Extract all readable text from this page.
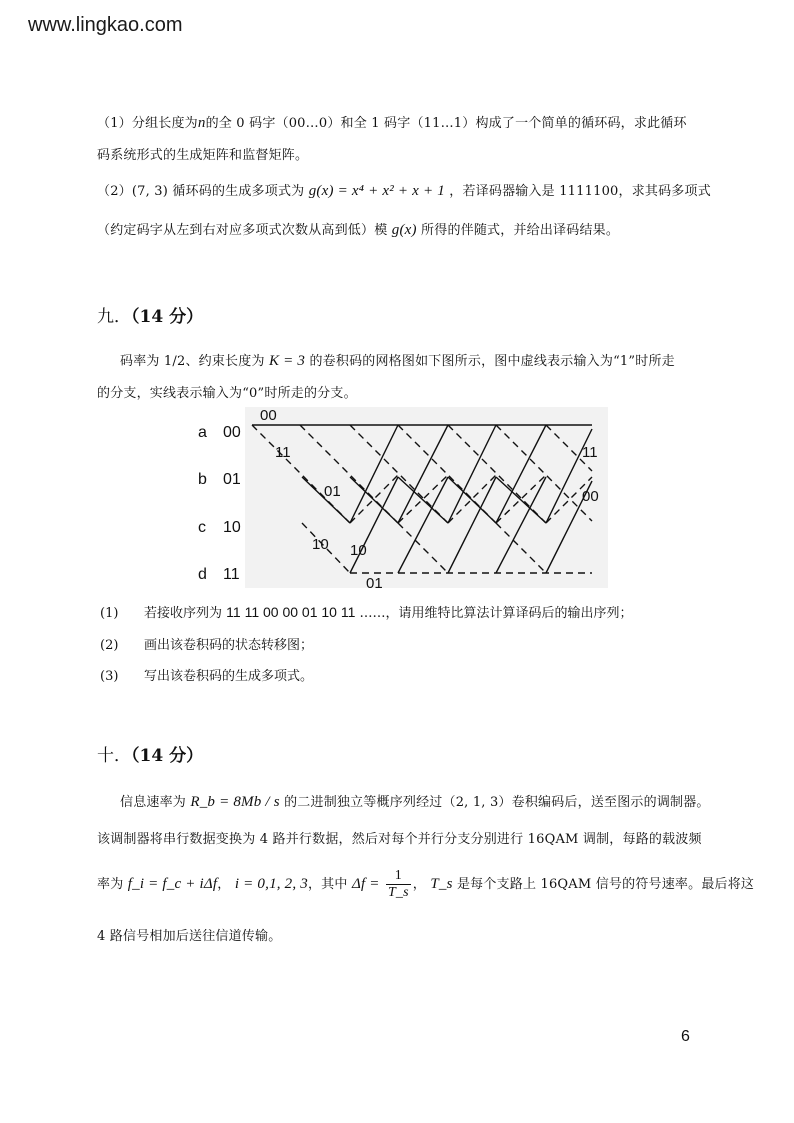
www.lingkao.com
（1）分组长度为n的全 0 码字（00…0）和全 1 码字（11…1）构成了一个简单的循环码，求此循环
码系统形式的生成矩阵和监督矩阵。
（2）(7, 3) 循环码的生成多项式为 g(x) = x⁴ + x² + x + 1 ，若译码器输入是 1111100，求其码多项式
（约定码字从左到右对应多项式次数从高到低）模 g(x) 所得的伴随式，并给出译码结果。
九．（14 分）
码率为 1/2、约束长度为 K = 3 的卷积码的网格图如下图所示，图中虚线表示输入为“1”时所走
的分支，实线表示输入为“0”时所走的分支。
a 00
b 01
c 10
d 11
00
11
01
10 10
01
11
00
(1) 若接收序列为 11 11 00 00 01 10 11 ……，请用维特比算法计算译码后的输出序列；
(2) 画出该卷积码的状态转移图；
(3) 写出该卷积码的生成多项式。
十．（14 分）
信息速率为 R_b = 8Mb / s 的二进制独立等概序列经过（2, 1, 3）卷积编码后，送至图示的调制器。
该调制器将串行数据变换为 4 路并行数据，然后对每个并行分支分别进行 16QAM 调制，每路的载波频
率为 f_i = f_c + iΔf， i = 0,1, 2, 3，其中 $\Delta f = \frac{1}{T\_s}$ ， T_s 是每个支路上 16QAM 信号的符号速率。最后将这
4 路信号相加后送往信道传输。
6
